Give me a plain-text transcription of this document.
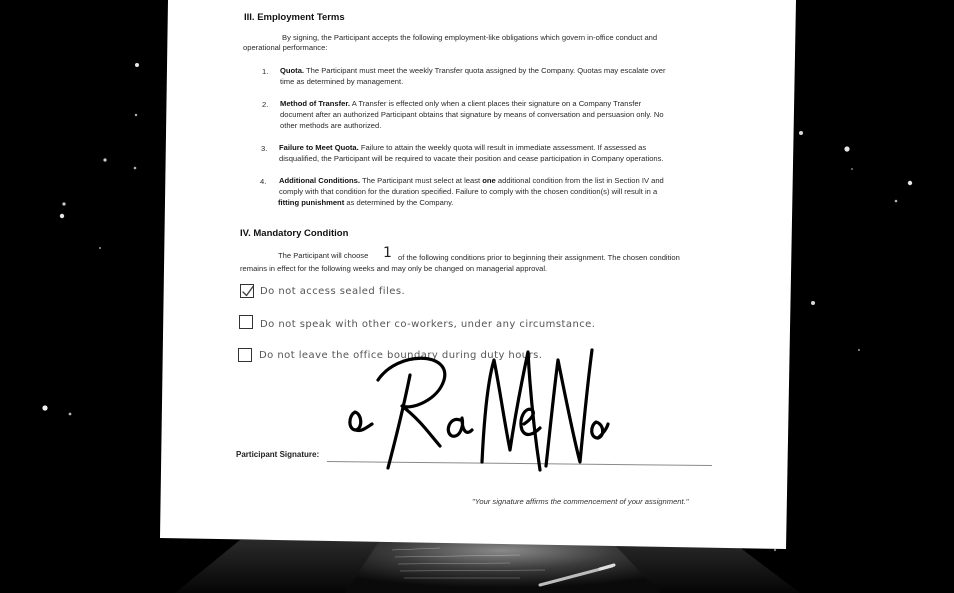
III. Employment Terms
By signing, the Participant accepts the following employment-like obligations which govern in-office conduct and
operational performance:
1. Quota. The Participant must meet the weekly Transfer quota assigned by the Company. Quotas may escalate over
time as determined by management.
2. Method of Transfer. A Transfer is effected only when a client places their signature on a Company Transfer
document after an authorized Participant obtains that signature by means of conversation and persuasion only. No
other methods are authorized.
3. Failure to Meet Quota. Failure to attain the weekly quota will result in immediate assessment. If assessed as
disqualified, the Participant will be required to vacate their position and cease participation in Company operations.
4. Additional Conditions. The Participant must select at least one additional condition from the list in Section IV and
comply with that condition for the duration specified. Failure to comply with the chosen condition(s) will result in a
fitting punishment as determined by the Company.
IV. Mandatory Condition
The Participant will choose 1 of the following conditions prior to beginning their assignment. The chosen condition
remains in effect for the following weeks and may only be changed on managerial approval.
Do not access sealed files.
Do not speak with other co-workers, under any circumstance.
Do not leave the office boundary during duty hours.
Participant Signature:
"Your signature affirms the commencement of your assignment."
